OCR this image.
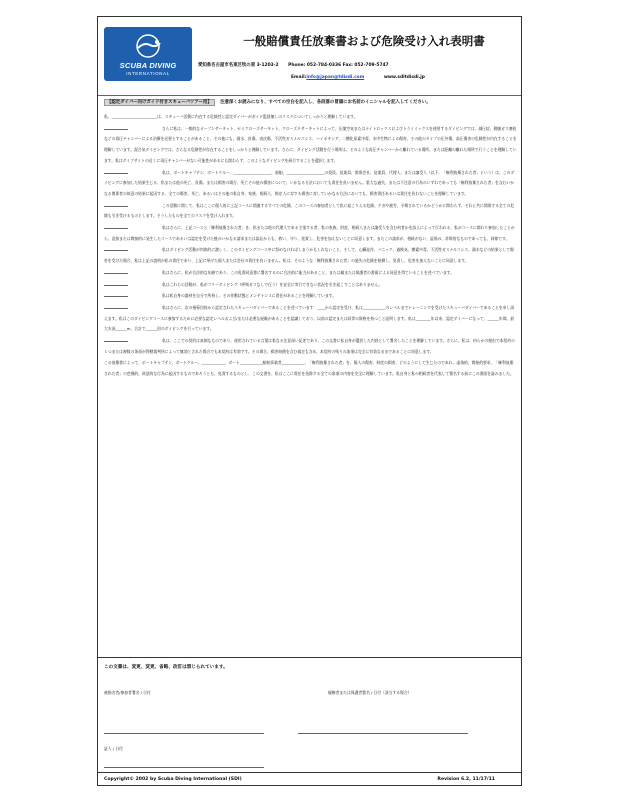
SCUBA DIVING
INTERNATIONAL
一般賠償責任放棄書および危険受け入れ表明書
愛知県名古屋市名東区牧の原 3-1203-2 Phone: 052-784-0336 Fax: 052-709-5747
Email:info@japan@tdisdi.com	www.sditdisdi.jp
【認定ダイバー向けガイド付きスキューバツアー用】 注意深くお読みになり、すべての空白を記入し、各段落の冒頭にお名前のイニシャルを記入してください。

私、________________________は、スキューバ活動に内在する危険性と認定ダイバーがガイド監督無しのリスクについてしっかりと理解しています。

さらに私は、一般的なオープンサーキット、セミクローズサーキット、クローズドサーキットによって、圧縮空気またはナイトロックスおよびトライミックスを使用するダイビングでは、減圧症、動脈ガス塞栓などの再圧チャンバーによる治療を必要とすることがあること、その他にも、溺水、負傷、表皮傷、不活性ガスナルコシス、ハイポキシア、二酸化炭素中毒、水中生物による傷害、その他のタイプの圧外傷、高圧傷害の危険性が内在することを理解しています。混合気ダイビングでは、さらなる危険性が存在することをしっかりと理解しています。さらに、ダイビング活動を行う場所は、そのような再圧チャンバーから離れている場所、または距離の離れた場所で行うことを理解しています。私はダイブサイトの近くに再圧チャンバーがない可能性があるにも関わらず、このようなダイビングを続行することを選択します。

私は、ボートキャプテン、ボートクルー、____________________、船舶、____________________の役員、従業員、関係会社、従業員、代理人、または譲受人（以下、「権利放棄された者」という）は、このダイビングに参加した結果生じる、私または他の死亡、負傷、または損害の場合、死亡その他の損害について、いかなる方法においても責任を負いません。重大な過失、または不注意の行為のいずれであっても「権利放棄された者」を含むいかなる関係者の故意の結果に起因する、全ての傷害、死亡、あるいはその他の私自身、家族、相続人、指定人に対する損害に対していかなる方法においても、損害責任あるいは責任を負わないことを理解しています。

この活動に関して、私はここに個人的に上記コースに関連するすべての危険、このコースの参加者として私に起こりえる危険、ケガや疲労、予期されているかどうかに関わらず、それと共に関係する全ての危険も引き受けるものとします。そうしたものを全てのリスクを受け入れます。

私はさらに、上記コースと「権利放棄された者」を、私または他の代理人である主張する者、私の家族、財産、相続人または譲受人を含む何者かを訴えによって行われる、私がコースに関わり参加したことから、直接または間接的に発生したコースであるいは認定を受けた後のいかなる請求または訴訟からも、救い、守り、免責し、危害を加えないことに同意します。またこの請求が、相続がない、虚偽の、詐欺的なものであっても、同様です。

私はダイビング活動が肉体的に激しく、このダイビングコース中に努めなければしまうかもしれないこと、そして、心臓発作、パニック、過換気、酸素中毒、不活性ガスナルコシス、溺水などの結果として傷害を受けた場合、私は上記の説明が私の責任であり、上記に挙げた個人または会社の責任を負いません。私は、そのような「権利放棄された者」の過失の危険を賠償し、免責し、危害を加えないことに同意します。

私はさらに、私が合法的な年齢であり、この免責同意書に署名するのに合法的に能力があること、または親または保護者の書面による同意を得ていることを述べています。

私はこれらの活動が、私がフリーダイビング（呼吸ガスなしで行う）を安全に実行できない状況を引き起こすことはありません。

私は私自身の器材を自分で所持し、その作動状態とメンテナンスに責任があることを理解しています。

私はさらに、次の指導団体から認定されたスキューバダイバーであることを述べています：____から認定を受け、私は____________のレベルまでトレーニングを受けたスキューバダイバーであることを申し添えます。私はこのダイビングコースに参加するために必要な認定レベルおよび/または必要な経験があることを認識しており、以前の認定または同等の資格を持つこと証明します。私は________年以来、認定ダイバーになって、______年間、最大水深______m、合計で______回のダイビングを行っています。

私は、ここでの契約は真剣なものであり、使用されている言葉は私なる注意深い記述であり、この文書に私自身が選択した内容として署名したことを理解しています。さらに、私は、何らかの理由で本契約の１つまたは複数の条項が管轄裁判所によって無効とされた場合でも本契約は有効です。その場合、損害賠償を含む規定も含め、本契約の残りの条項は完全に有効なままであることに同意します。

この放棄書によって、ボートキャプテン、ボートクルー、____________、ボート____________船舶事業者____________、「権利放棄された者」を、個人の傷害、財産の損害、どのようにして生じたのであれ、虚偽的、間接的要求、「権利放棄された者」の怠慢的、故意的な行為に起因するものであろうとも、免責するものとし、この文書を、私はここに責任を免除する全ての条項の内容を完全に理解しています。私自身と私の相続者を代表して署名する前にこの書面を読みました。

この文書は、変更、変更、省略、改訂は禁じられています。
被指名者/参加者署名 / 日付	親権者または保護者署名 / 日付（該当する場合）
証人 / 日付
Copyright© 2002 by Scuba Diving International (SDI)	Revision 6.2, 11/17/11
